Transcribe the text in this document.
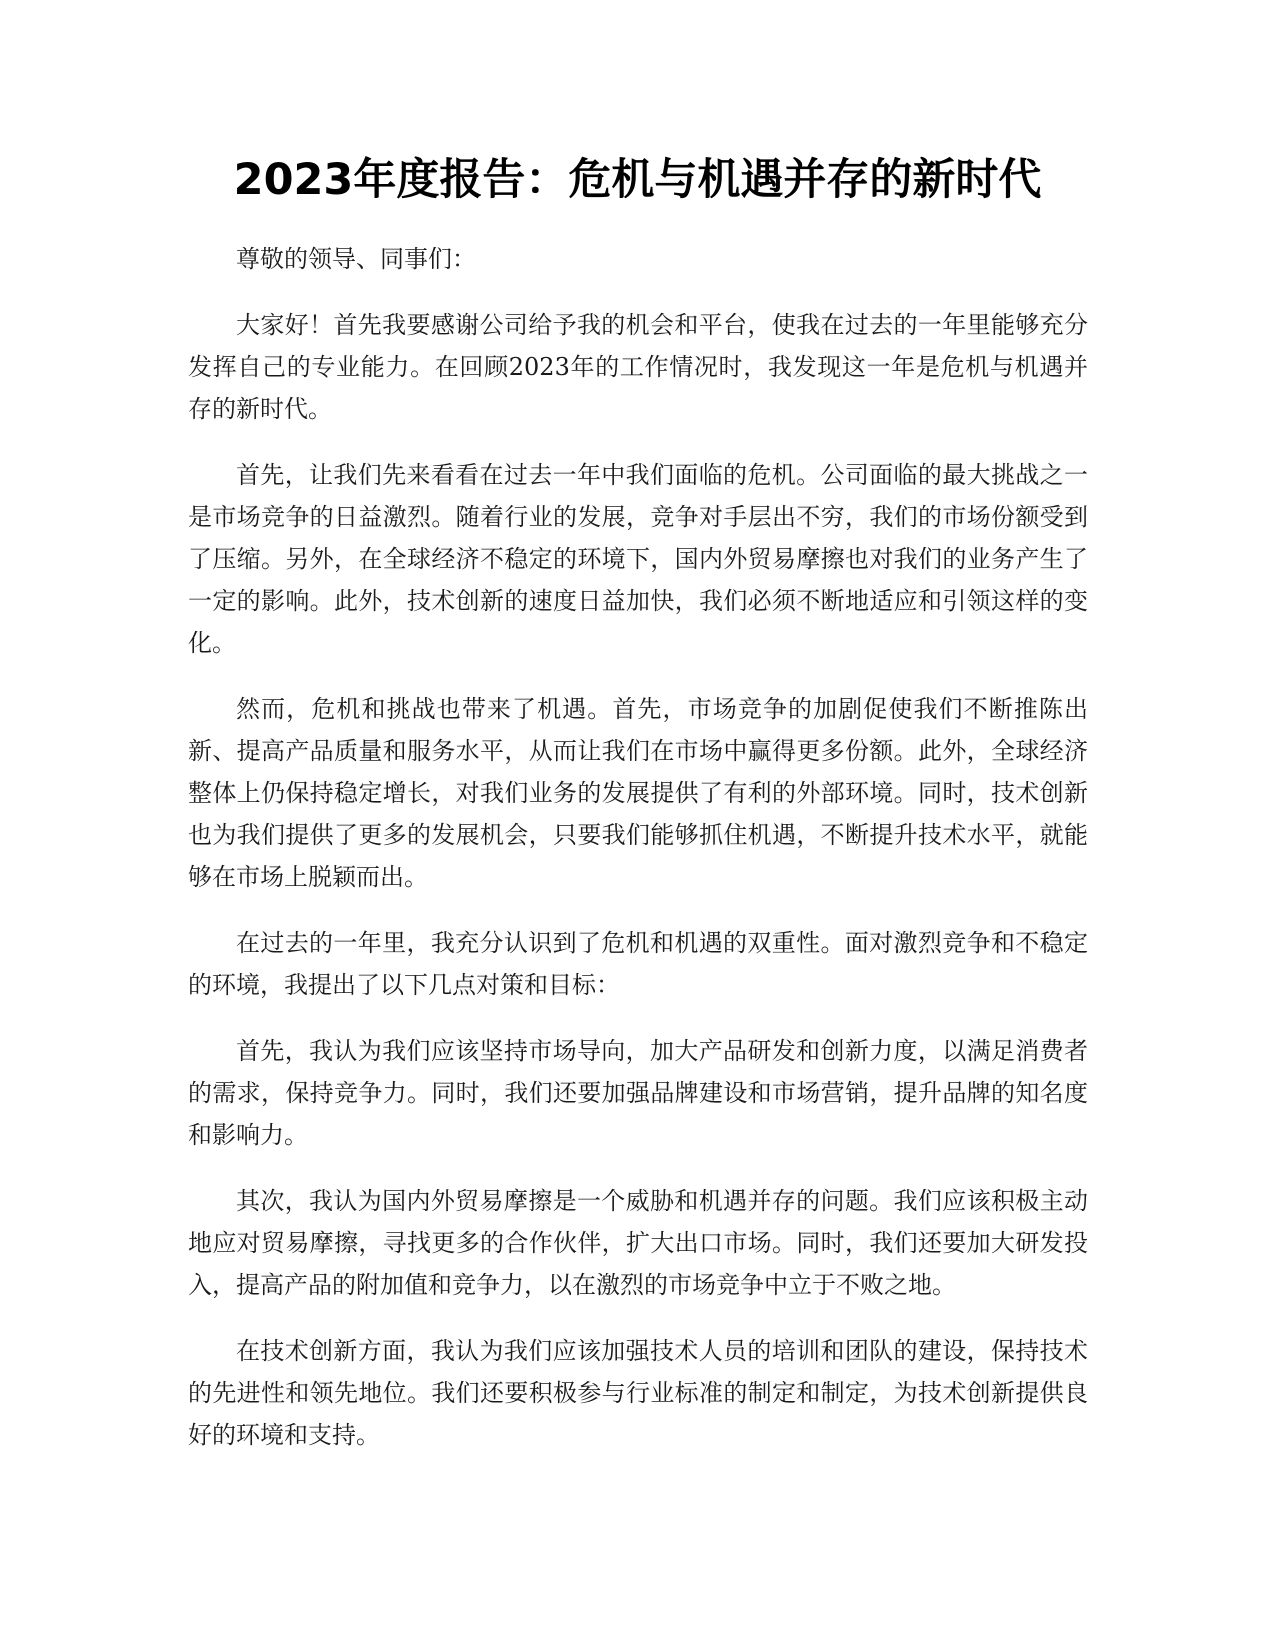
2023年度报告：危机与机遇并存的新时代

尊敬的领导、同事们：

大家好！首先我要感谢公司给予我的机会和平台，使我在过去的一年里能够充分发挥自己的专业能力。在回顾2023年的工作情况时，我发现这一年是危机与机遇并存的新时代。

首先，让我们先来看看在过去一年中我们面临的危机。公司面临的最大挑战之一是市场竞争的日益激烈。随着行业的发展，竞争对手层出不穷，我们的市场份额受到了压缩。另外，在全球经济不稳定的环境下，国内外贸易摩擦也对我们的业务产生了一定的影响。此外，技术创新的速度日益加快，我们必须不断地适应和引领这样的变化。

然而，危机和挑战也带来了机遇。首先，市场竞争的加剧促使我们不断推陈出新、提高产品质量和服务水平，从而让我们在市场中赢得更多份额。此外，全球经济整体上仍保持稳定增长，对我们业务的发展提供了有利的外部环境。同时，技术创新也为我们提供了更多的发展机会，只要我们能够抓住机遇，不断提升技术水平，就能够在市场上脱颖而出。

在过去的一年里，我充分认识到了危机和机遇的双重性。面对激烈竞争和不稳定的环境，我提出了以下几点对策和目标：

首先，我认为我们应该坚持市场导向，加大产品研发和创新力度，以满足消费者的需求，保持竞争力。同时，我们还要加强品牌建设和市场营销，提升品牌的知名度和影响力。

其次，我认为国内外贸易摩擦是一个威胁和机遇并存的问题。我们应该积极主动地应对贸易摩擦，寻找更多的合作伙伴，扩大出口市场。同时，我们还要加大研发投入，提高产品的附加值和竞争力，以在激烈的市场竞争中立于不败之地。

在技术创新方面，我认为我们应该加强技术人员的培训和团队的建设，保持技术的先进性和领先地位。我们还要积极参与行业标准的制定和制定，为技术创新提供良好的环境和支持。
